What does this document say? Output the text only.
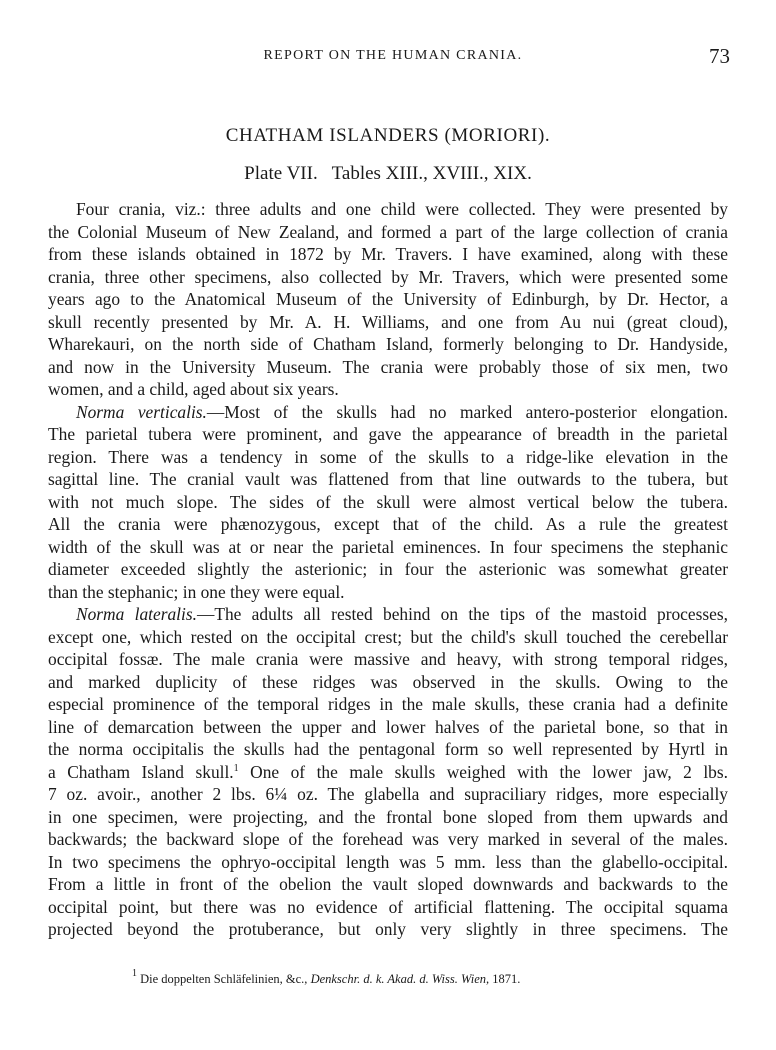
REPORT ON THE HUMAN CRANIA.	73
CHATHAM ISLANDERS (MORIORI).
Plate VII.   Tables XIII., XVIII., XIX.
Four crania, viz.: three adults and one child were collected. They were presented by
the Colonial Museum of New Zealand, and formed a part of the large collection of crania
from these islands obtained in 1872 by Mr. Travers. I have examined, along with these
crania, three other specimens, also collected by Mr. Travers, which were presented some
years ago to the Anatomical Museum of the University of Edinburgh, by Dr. Hector, a
skull recently presented by Mr. A. H. Williams, and one from Au nui (great cloud),
Wharekauri, on the north side of Chatham Island, formerly belonging to Dr. Handyside,
and now in the University Museum. The crania were probably those of six men, two
women, and a child, aged about six years.
Norma verticalis.—Most of the skulls had no marked antero-posterior elongation.
The parietal tubera were prominent, and gave the appearance of breadth in the parietal
region. There was a tendency in some of the skulls to a ridge-like elevation in the
sagittal line. The cranial vault was flattened from that line outwards to the tubera, but
with not much slope. The sides of the skull were almost vertical below the tubera.
All the crania were phænozygous, except that of the child. As a rule the greatest
width of the skull was at or near the parietal eminences. In four specimens the stephanic
diameter exceeded slightly the asterionic; in four the asterionic was somewhat greater
than the stephanic; in one they were equal.
Norma lateralis.—The adults all rested behind on the tips of the mastoid processes,
except one, which rested on the occipital crest; but the child's skull touched the cerebellar
occipital fossæ. The male crania were massive and heavy, with strong temporal ridges,
and marked duplicity of these ridges was observed in the skulls. Owing to the
especial prominence of the temporal ridges in the male skulls, these crania had a definite
line of demarcation between the upper and lower halves of the parietal bone, so that in
the norma occipitalis the skulls had the pentagonal form so well represented by Hyrtl in
a Chatham Island skull.$^1$ One of the male skulls weighed with the lower jaw, 2 lbs.
7 oz. avoir., another 2 lbs. 6¼ oz. The glabella and supraciliary ridges, more especially
in one specimen, were projecting, and the frontal bone sloped from them upwards and
backwards; the backward slope of the forehead was very marked in several of the males.
In two specimens the ophryo-occipital length was 5 mm. less than the glabello-occipital.
From a little in front of the obelion the vault sloped downwards and backwards to the
occipital point, but there was no evidence of artificial flattening. The occipital squama
projected beyond the protuberance, but only very slightly in three specimens. The
$^1$ Die doppelten Schläfelinien, &c., Denkschr. d. k. Akad. d. Wiss. Wien, 1871.
